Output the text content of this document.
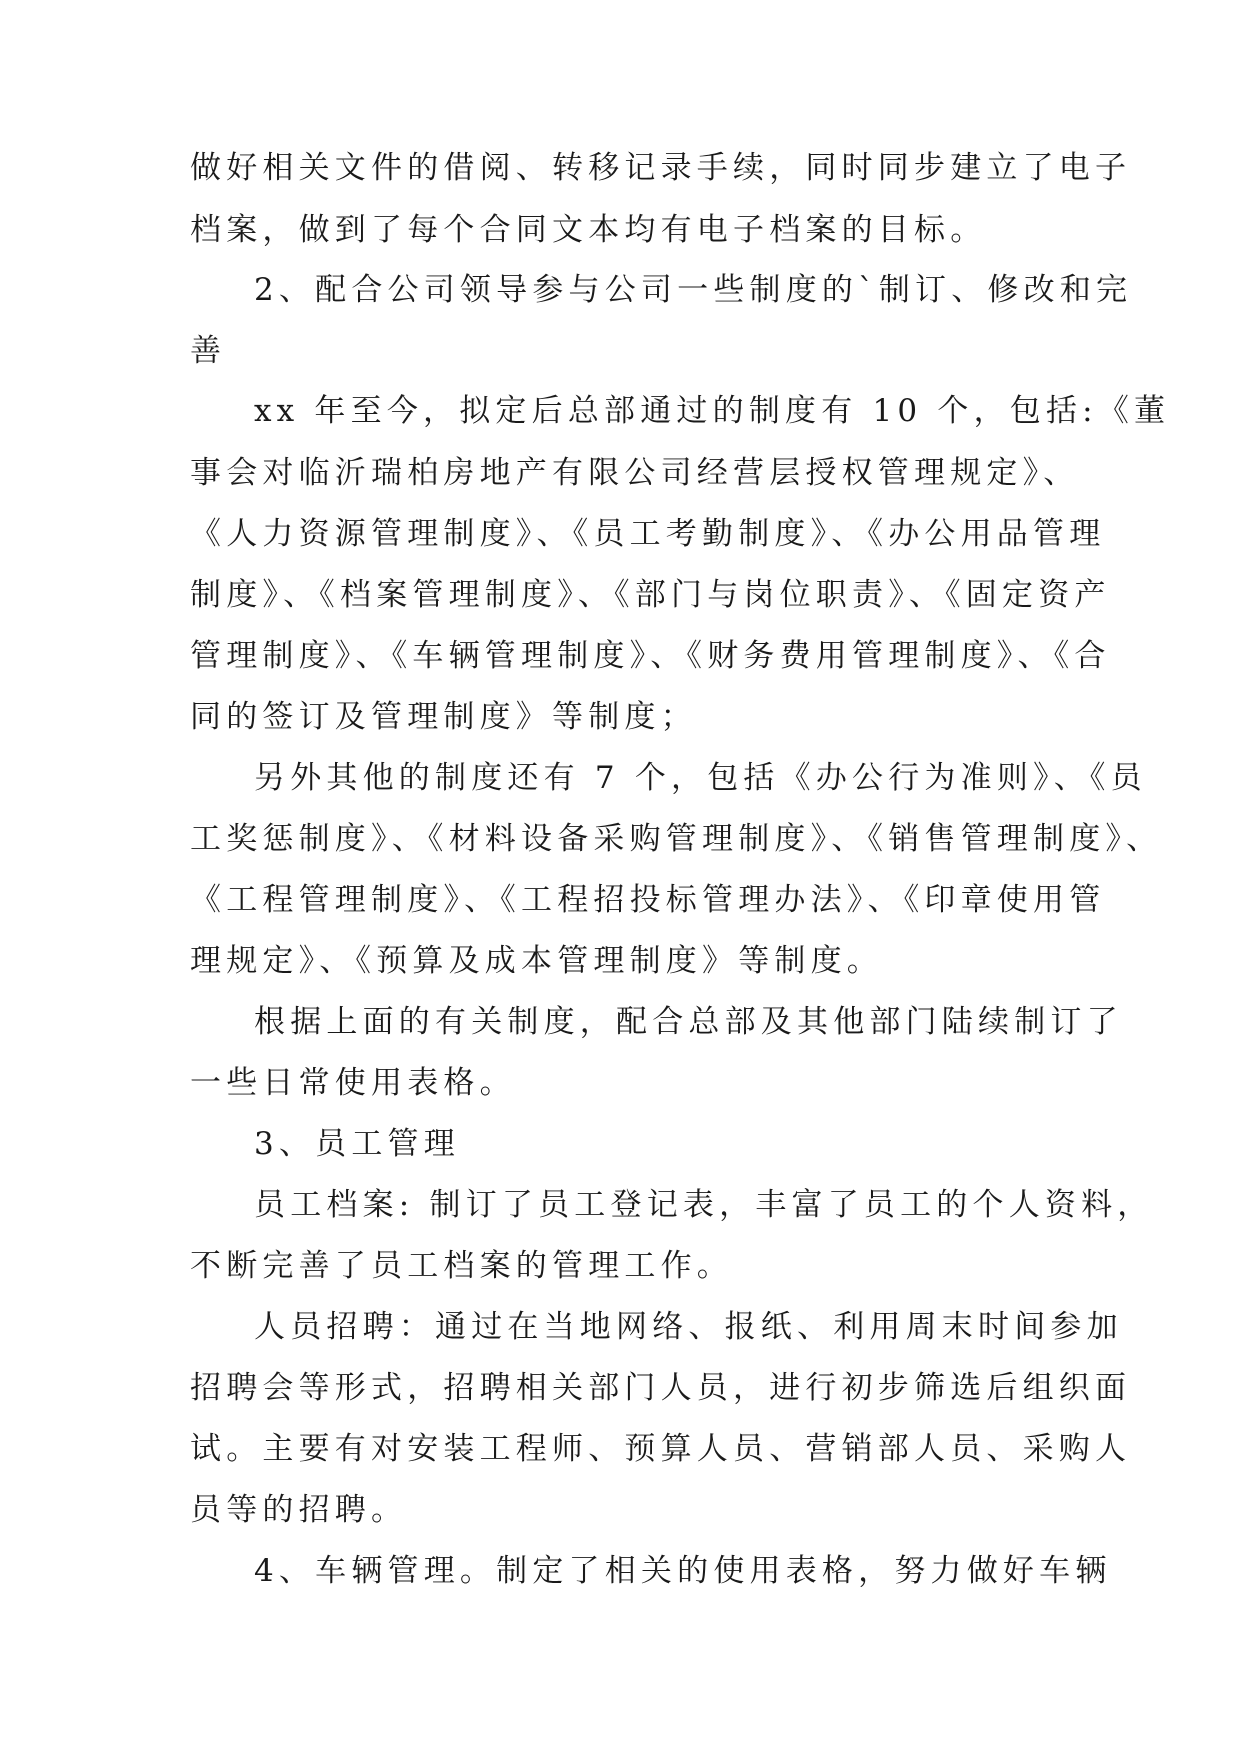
做好相关文件的借阅、转移记录手续，同时同步建立了电子
档案，做到了每个合同文本均有电子档案的目标。
2、配合公司领导参与公司一些制度的`制订、修改和完
善
xx 年至今，拟定后总部通过的制度有 10 个，包括:《董
事会对临沂瑞柏房地产有限公司经营层授权管理规定》、
《人力资源管理制度》、《员工考勤制度》、《办公用品管理
制度》、《档案管理制度》、《部门与岗位职责》、《固定资产
管理制度》、《车辆管理制度》、《财务费用管理制度》、《合
同的签订及管理制度》等制度；
另外其他的制度还有 7 个，包括《办公行为准则》、《员
工奖惩制度》、《材料设备采购管理制度》、《销售管理制度》、
《工程管理制度》、《工程招投标管理办法》、《印章使用管
理规定》、《预算及成本管理制度》等制度。
根据上面的有关制度，配合总部及其他部门陆续制订了
一些日常使用表格。
3、员工管理
员工档案: 制订了员工登记表，丰富了员工的个人资料，
不断完善了员工档案的管理工作。
人员招聘：通过在当地网络、报纸、利用周末时间参加
招聘会等形式，招聘相关部门人员，进行初步筛选后组织面
试。主要有对安装工程师、预算人员、营销部人员、采购人
员等的招聘。
4、车辆管理。制定了相关的使用表格，努力做好车辆
